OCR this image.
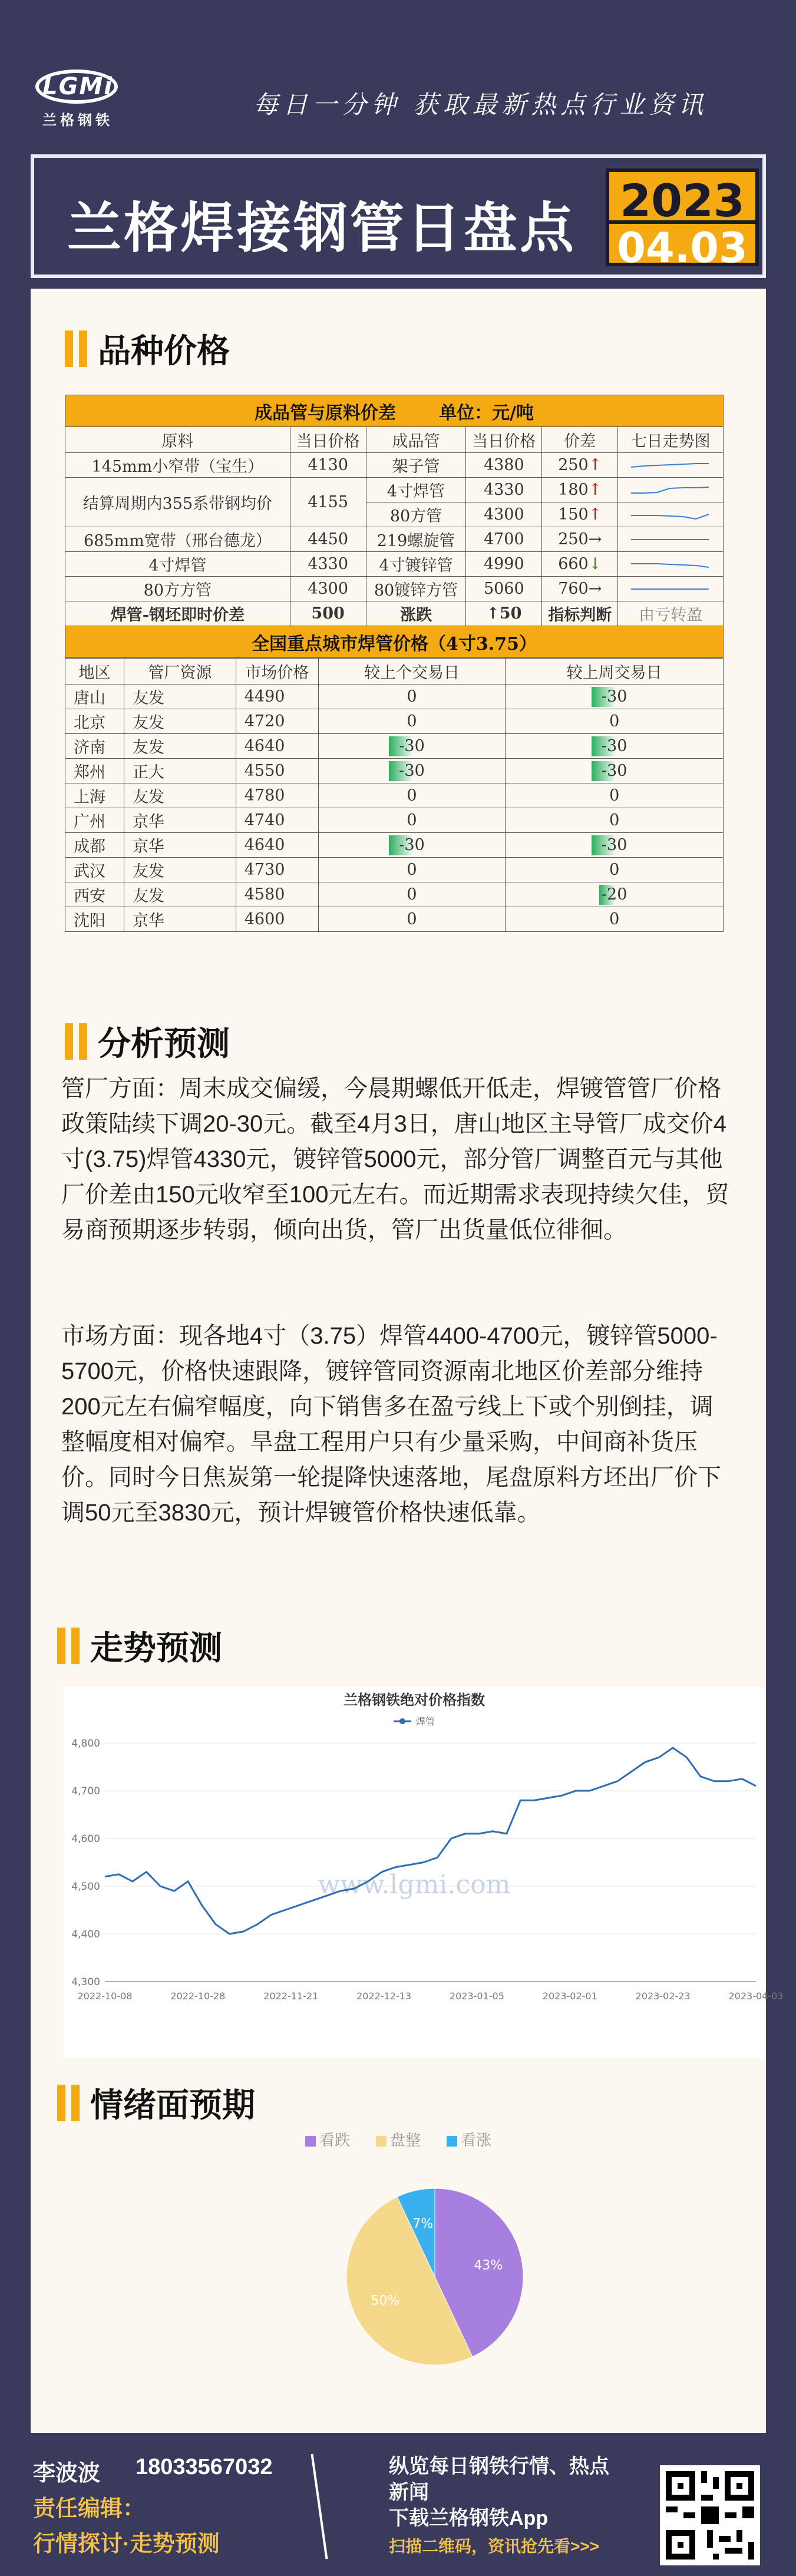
LGMi
兰格钢铁
每日一分钟 获取最新热点行业资讯
兰格焊接钢管日盘点 2023
04.03
品种价格
成品管与原料价差 单位：元/吨					
原料	当日价格	成品管	当日价格	价差	七日走势图
145mm小窄带（宝生）	4130	架子管	4380	250↑	
结算周期内355系带钢均价	4155	4寸焊管	4330	180↑	
		80方管	4300	150↑	
685mm宽带（邢台德龙）	4450	219螺旋管	4700	250→	
4寸焊管	4330	4寸镀锌管	4990	660↓	
80方方管	4300	80镀锌方管	5060	760→	
焊管-钢坯即时价差	500	涨跌	↑50	指标判断	由亏转盈
全国重点城市焊管价格（4寸3.75）					
地区	管厂资源	市场价格	较上个交易日	较上周交易日
唐山	友发	4490	0	-30
北京	友发	4720	0	0
济南	友发	4640	-30	-30
郑州	正大	4550	-30	-30
上海	友发	4780	0	0
广州	京华	4740	0	0
成都	京华	4640	-30	-30
武汉	友发	4730	0	0
西安	友发	4580	0	-20
沈阳	京华	4600	0	0
分析预测
管厂方面：周末成交偏缓，今晨期螺低开低走，焊镀管管厂价格政策陆续下调20-30元。截至4月3日，唐山地区主导管厂成交价4寸(3.75)焊管4330元，镀锌管5000元，部分管厂调整百元与其他厂价差由150元收窄至100元左右。而近期需求表现持续欠佳，贸易商预期逐步转弱，倾向出货，管厂出货量低位徘徊。
市场方面：现各地4寸（3.75）焊管4400-4700元，镀锌管5000-5700元，价格快速跟降，镀锌管同资源南北地区价差部分维持200元左右偏窄幅度，向下销售多在盈亏线上下或个别倒挂，调整幅度相对偏窄。旱盘工程用户只有少量采购，中间商补货压价。同时今日焦炭第一轮提降快速落地，尾盘原料方坯出厂价下调50元至3830元，预计焊镀管价格快速低靠。
走势预测
兰格钢铁绝对价格指数
焊管
4,300
4,400
4,500
4,600
4,700
4,800
2022-10-08	2022-10-28	2022-11-21	2022-12-13	2023-01-05	2023-02-01	2023-02-23	2023-04-03
www.lgmi.com
情绪面预期
看跌	盘整	看涨
43%
50%
7%
李波波 18033567032
责任编辑：
行情探讨·走势预测
纵览每日钢铁行情、热点
新闻
下载兰格钢铁App
扫描二维码，资讯抢先看>>>
